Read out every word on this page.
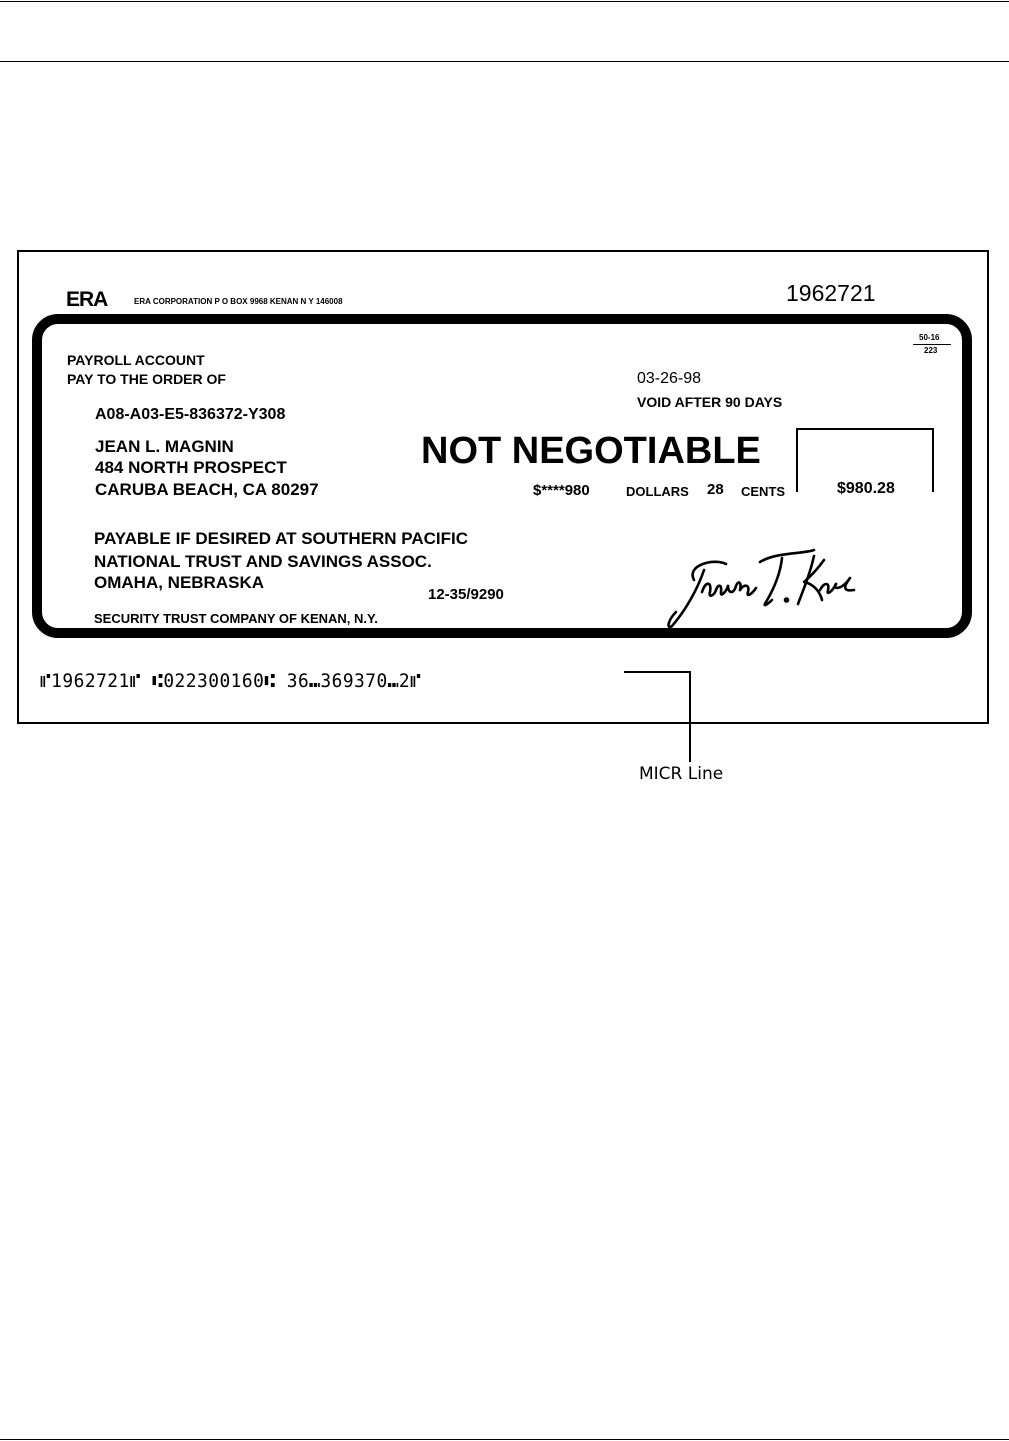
ERA	ERA CORPORATION P O BOX 9968 KENAN N Y 146008	1962721
50-16
223
PAYROLL ACCOUNT
PAY TO THE ORDER OF	03-26-98
VOID AFTER 90 DAYS
A08-A03-E5-836372-Y308
JEAN L. MAGNIN
484 NORTH PROSPECT
CARUBA BEACH, CA 80297
NOT NEGOTIABLE
$****980	DOLLARS 28 CENTS	$980.28
PAYABLE IF DESIRED AT SOUTHERN PACIFIC
NATIONAL TRUST AND SAVINGS ASSOC.
OMAHA, NEBRASKA
12-35/9290
SECURITY TRUST COMPANY OF KENAN, N.Y.
⑈1962721⑈ ⑆022300160⑆ 36⑉369370⑉2⑈
MICR Line
